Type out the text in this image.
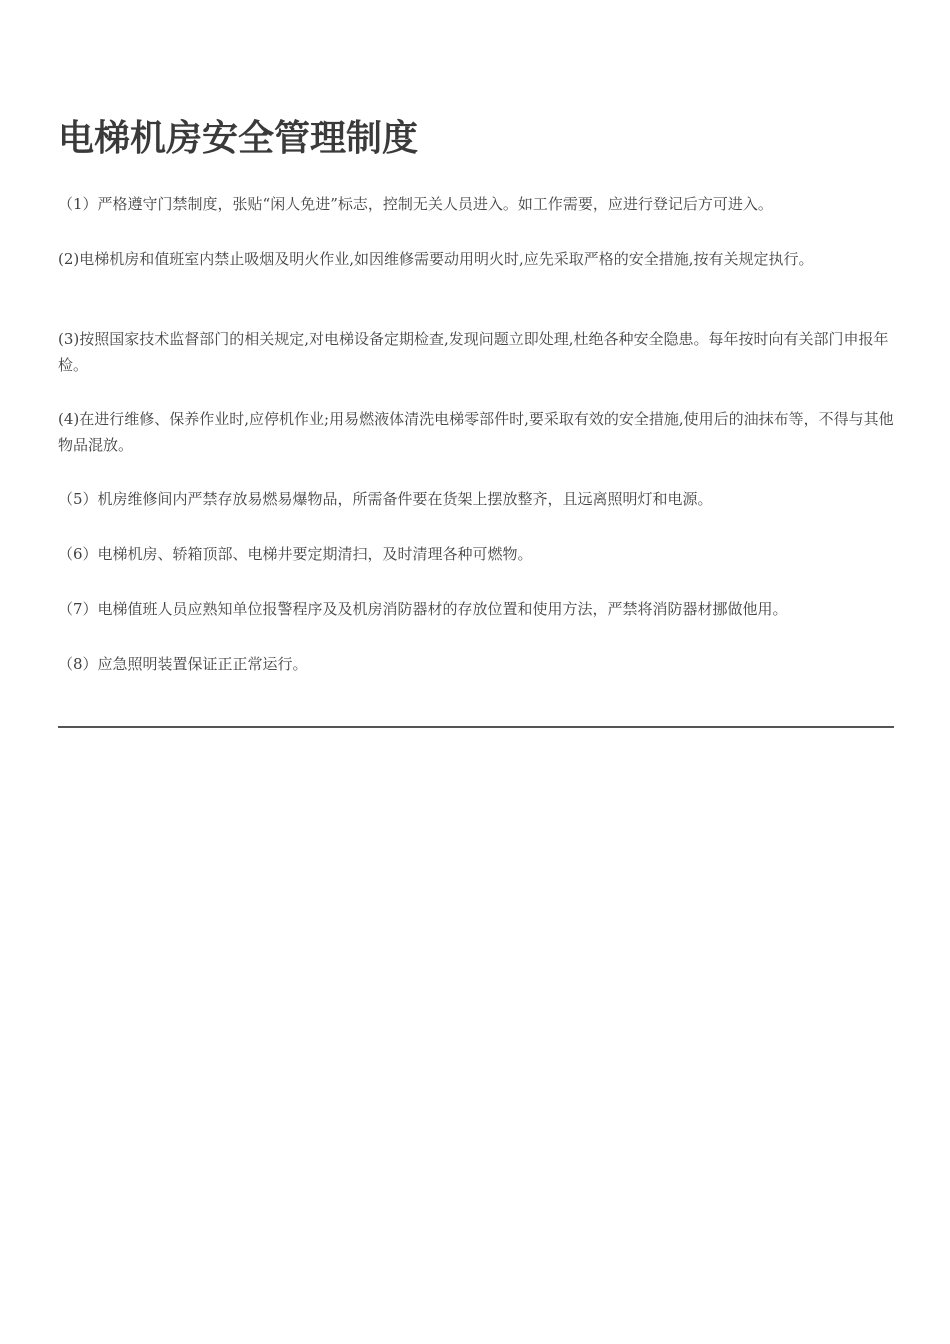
电梯机房安全管理制度

（1）严格遵守门禁制度，张贴“闲人免进”标志，控制无关人员进入。如工作需要，应进行登记后方可进入。

(2)电梯机房和值班室内禁止吸烟及明火作业,如因维修需要动用明火时,应先采取严格的安全措施,按有关规定执行。

(3)按照国家技术监督部门的相关规定,对电梯设备定期检查,发现问题立即处理,杜绝各种安全隐患。每年按时向有关部门申报年检。

(4)在进行维修、保养作业时,应停机作业;用易燃液体清洗电梯零部件时,要采取有效的安全措施,使用后的油抹布等，不得与其他物品混放。

（5）机房维修间内严禁存放易燃易爆物品，所需备件要在货架上摆放整齐，且远离照明灯和电源。

（6）电梯机房、轿箱顶部、电梯井要定期清扫，及时清理各种可燃物。

（7）电梯值班人员应熟知单位报警程序及及机房消防器材的存放位置和使用方法，严禁将消防器材挪做他用。

（8）应急照明装置保证正正常运行。
